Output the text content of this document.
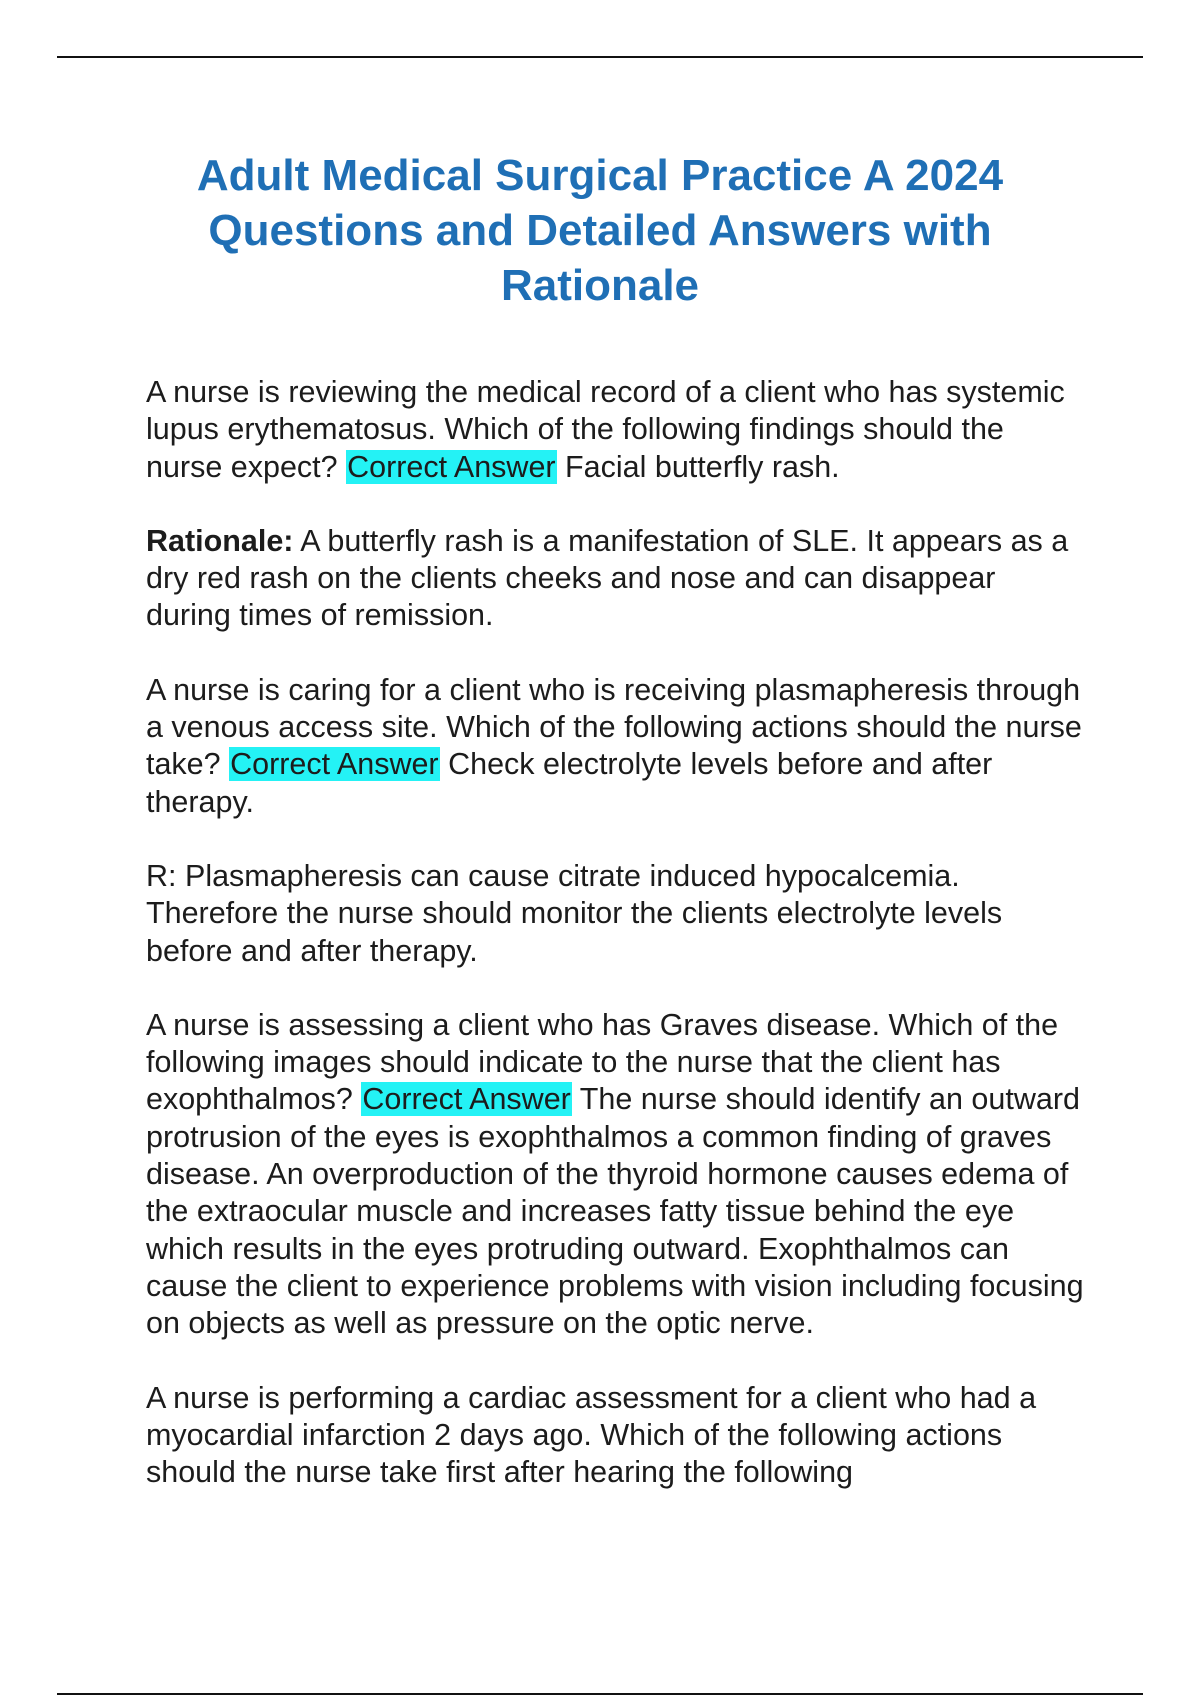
Adult Medical Surgical Practice A 2024 Questions and Detailed Answers with Rationale

A nurse is reviewing the medical record of a client who has systemic lupus erythematosus. Which of the following findings should the nurse expect? Correct Answer Facial butterfly rash.

Rationale: A butterfly rash is a manifestation of SLE. It appears as a dry red rash on the clients cheeks and nose and can disappear during times of remission.

A nurse is caring for a client who is receiving plasmapheresis through a venous access site. Which of the following actions should the nurse take? Correct Answer Check electrolyte levels before and after therapy.

R: Plasmapheresis can cause citrate induced hypocalcemia. Therefore the nurse should monitor the clients electrolyte levels before and after therapy.

A nurse is assessing a client who has Graves disease. Which of the following images should indicate to the nurse that the client has exophthalmos? Correct Answer The nurse should identify an outward protrusion of the eyes is exophthalmos a common finding of graves disease. An overproduction of the thyroid hormone causes edema of the extraocular muscle and increases fatty tissue behind the eye which results in the eyes protruding outward. Exophthalmos can cause the client to experience problems with vision including focusing on objects as well as pressure on the optic nerve.

A nurse is performing a cardiac assessment for a client who had a myocardial infarction 2 days ago. Which of the following actions should the nurse take first after hearing the following
